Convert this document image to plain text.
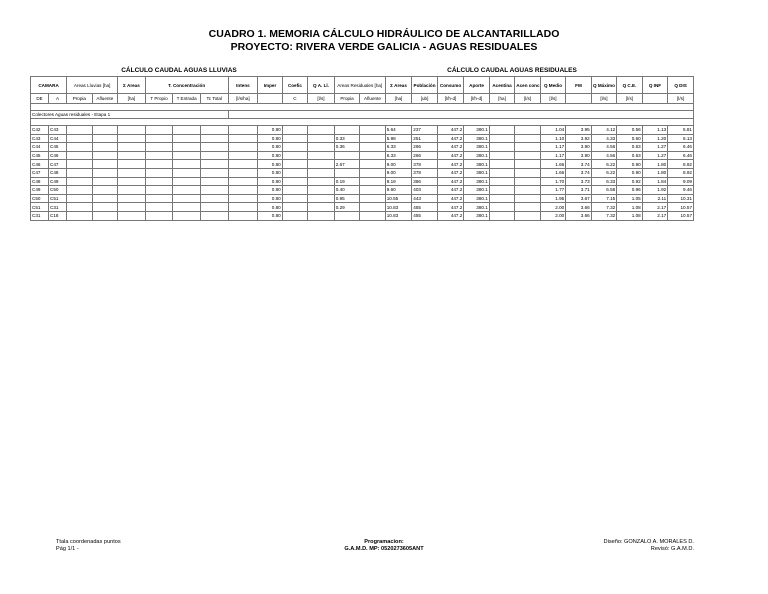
CUADRO 1. MEMORIA CÁLCULO HIDRÁULICO DE ALCANTARILLADO
PROYECTO: RIVERA VERDE GALICIA - AGUAS RESIDUALES
CÁLCULO CAUDAL AGUAS LLUVIAS	CÁLCULO CAUDAL AGUAS RESIDUALES
CAMARA		Areas Lluvias [ha]		Σ Areas	T. Concentración			Intens	Imper	Coefic	Q A. Ll.	Areas Residuales [ha]		Σ Areas	Población	Consumo	Aporte	Acentina	Acen conc	Q Medio	FM	Q Máximo	Q C.E.	Q INF	Q DIS
DE	A	Propia	Afluente	[ha]	T Propio	T Entrada	Tc Total	[l/s/ha]		C	[l/s]	Propia	Afluente	[ha]	[ub]	[l/h-d]	[l/h-d]	[ha]	[l/s]	[l/s]		[l/s]	[l/s]		[l/s]

Colectores Aguas residuales - Etapa 1																									

C42	C43								0.80					5.64	237	447.2	380.1			1.04	3.95	4.12	0.56	1.13	5.81
C43	C44								0.80			0.33		5.98	251	447.2	380.1			1.10	3.92	4.33	0.60	1.20	6.13
C44	C45								0.80			0.36		6.33	266	447.2	380.1			1.17	3.90	4.56	0.63	1.27	6.46
C45	C46								0.80					6.33	266	447.2	380.1			1.17	3.90	4.56	0.63	1.27	6.46
C46	C47								0.80			2.67		9.00	378	447.2	380.1			1.66	3.74	6.22	0.90	1.80	8.92
C47	C48								0.80					9.00	378	447.2	380.1			1.66	3.74	6.22	0.90	1.80	8.92
C48	C49								0.80			0.19		9.19	386	447.2	380.1			1.70	3.73	6.33	0.92	1.84	9.09
C49	C50								0.80			0.40		9.60	403	447.2	380.1			1.77	3.71	6.58	0.96	1.92	9.46
C50	C51								0.80			0.95		10.55	443	447.2	380.1			1.95	3.67	7.15	1.05	2.11	10.31
C51	C31								0.80			0.29		10.83	455	447.2	380.1			2.00	3.66	7.32	1.08	2.17	10.57
C31	C18								0.80					10.83	455	447.2	380.1			2.00	3.66	7.32	1.08	2.17	10.57
Ttala coordenadas puntos
Pág 1/1 -
Programacion:
G.A.M.D. MP: 0520273605ANT
Diseño: GONZALO A. MORALES D.
Revisó: G.A.M.D.
